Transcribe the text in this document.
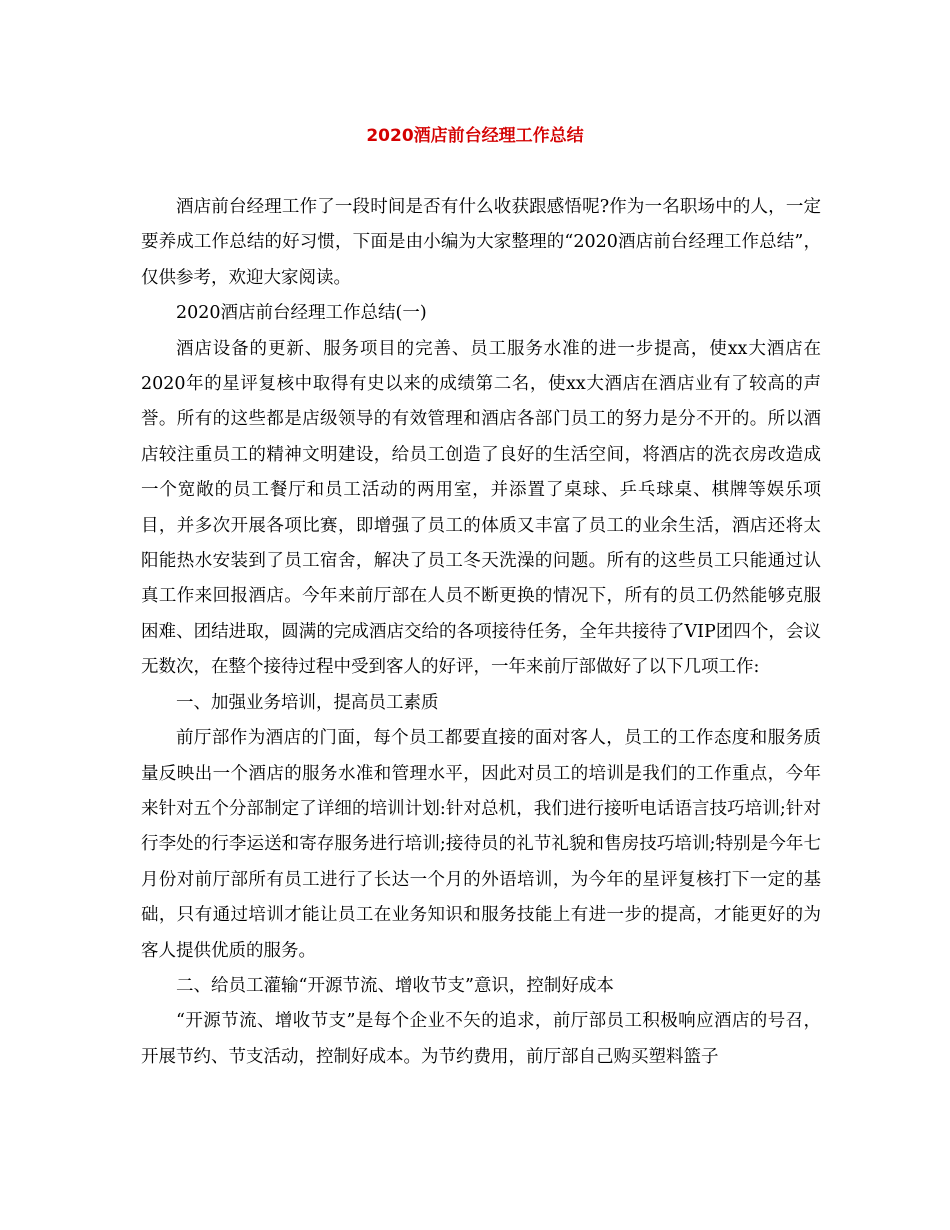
2020酒店前台经理工作总结

酒店前台经理工作了一段时间是否有什么收获跟感悟呢?作为一名职场中的人，一定要养成工作总结的好习惯，下面是由小编为大家整理的“2020酒店前台经理工作总结”，仅供参考，欢迎大家阅读。

2020酒店前台经理工作总结(一)

酒店设备的更新、服务项目的完善、员工服务水准的进一步提高，使xx大酒店在2020年的星评复核中取得有史以来的成绩第二名，使xx大酒店在酒店业有了较高的声誉。所有的这些都是店级领导的有效管理和酒店各部门员工的努力是分不开的。所以酒店较注重员工的精神文明建设，给员工创造了良好的生活空间，将酒店的洗衣房改造成一个宽敞的员工餐厅和员工活动的两用室，并添置了桌球、乒乓球桌、棋牌等娱乐项目，并多次开展各项比赛，即增强了员工的体质又丰富了员工的业余生活，酒店还将太阳能热水安装到了员工宿舍，解决了员工冬天洗澡的问题。所有的这些员工只能通过认真工作来回报酒店。今年来前厅部在人员不断更换的情况下，所有的员工仍然能够克服困难、团结进取，圆满的完成酒店交给的各项接待任务，全年共接待了VIP团四个，会议无数次，在整个接待过程中受到客人的好评，一年来前厅部做好了以下几项工作:

一、加强业务培训，提高员工素质

前厅部作为酒店的门面，每个员工都要直接的面对客人，员工的工作态度和服务质量反映出一个酒店的服务水准和管理水平，因此对员工的培训是我们的工作重点，今年来针对五个分部制定了详细的培训计划:针对总机，我们进行接听电话语言技巧培训;针对行李处的行李运送和寄存服务进行培训;接待员的礼节礼貌和售房技巧培训;特别是今年七月份对前厅部所有员工进行了长达一个月的外语培训，为今年的星评复核打下一定的基础，只有通过培训才能让员工在业务知识和服务技能上有进一步的提高，才能更好的为客人提供优质的服务。

二、给员工灌输“开源节流、增收节支”意识，控制好成本

“开源节流、增收节支”是每个企业不矢的追求，前厅部员工积极响应酒店的号召，开展节约、节支活动，控制好成本。为节约费用，前厅部自己购买塑料篮子
